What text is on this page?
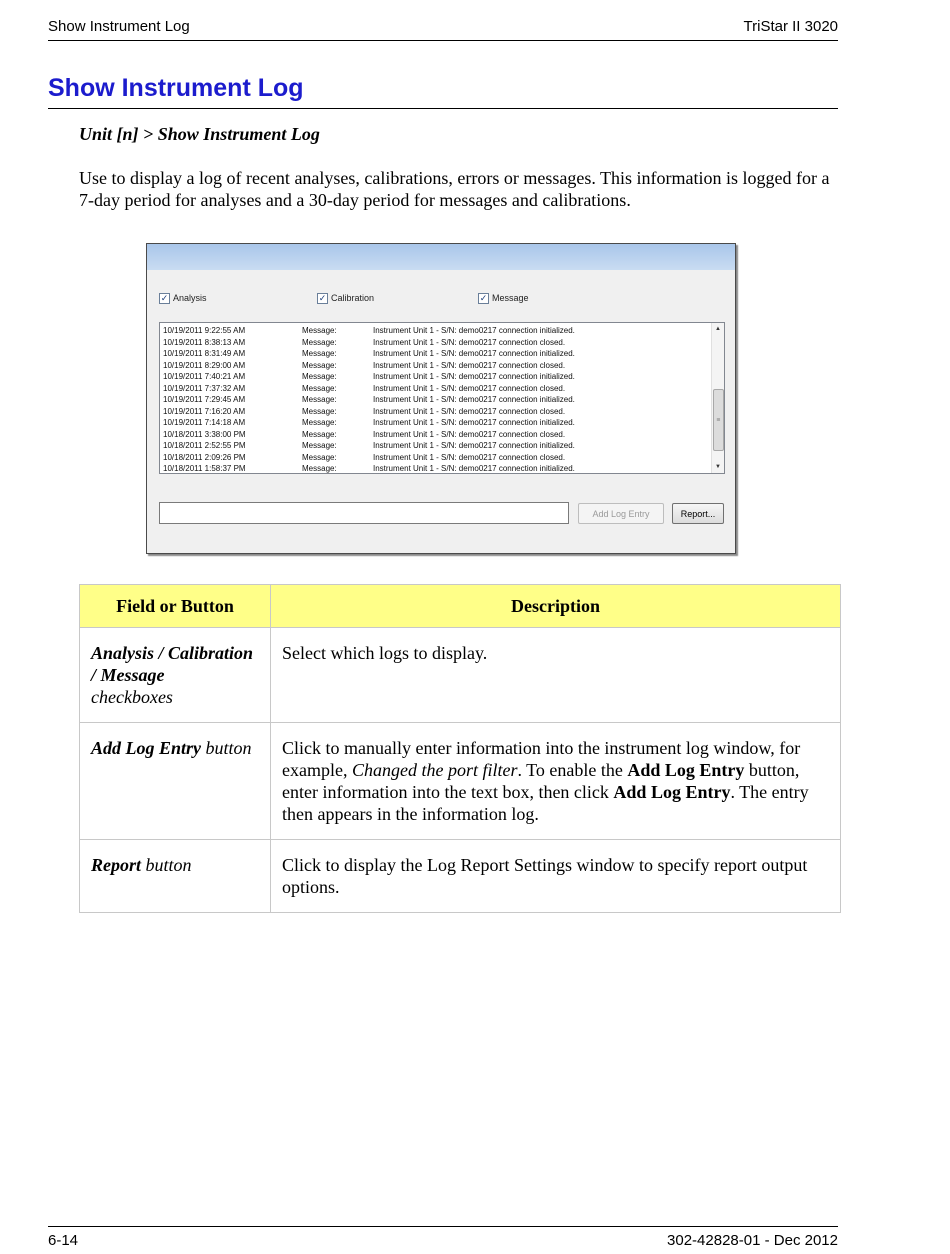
Show Instrument Log	TriStar II 3020
Show Instrument Log
Unit [n] > Show Instrument Log
Use to display a log of recent analyses, calibrations, errors or messages. This information is logged for a 7-day period for analyses and a 30-day period for messages and calibrations.
✓ Analysis	✓ Calibration	✓ Message
10/19/2011 9:22:55 AM	Message:	Instrument Unit 1 - S/N: demo0217 connection initialized.
10/19/2011 8:38:13 AM	Message:	Instrument Unit 1 - S/N: demo0217 connection closed.
10/19/2011 8:31:49 AM	Message:	Instrument Unit 1 - S/N: demo0217 connection initialized.
10/19/2011 8:29:00 AM	Message:	Instrument Unit 1 - S/N: demo0217 connection closed.
10/19/2011 7:40:21 AM	Message:	Instrument Unit 1 - S/N: demo0217 connection initialized.
10/19/2011 7:37:32 AM	Message:	Instrument Unit 1 - S/N: demo0217 connection closed.
10/19/2011 7:29:45 AM	Message:	Instrument Unit 1 - S/N: demo0217 connection initialized.
10/19/2011 7:16:20 AM	Message:	Instrument Unit 1 - S/N: demo0217 connection closed.
10/19/2011 7:14:18 AM	Message:	Instrument Unit 1 - S/N: demo0217 connection initialized.
10/18/2011 3:38:00 PM	Message:	Instrument Unit 1 - S/N: demo0217 connection closed.
10/18/2011 2:52:55 PM	Message:	Instrument Unit 1 - S/N: demo0217 connection initialized.
10/18/2011 2:09:26 PM	Message:	Instrument Unit 1 - S/N: demo0217 connection closed.
10/18/2011 1:58:37 PM	Message:	Instrument Unit 1 - S/N: demo0217 connection initialized.
▲
≡
▼
Add Log Entry	Report...
Field or Button	Description
Analysis / Calibration / Message
checkboxes	Select which logs to display.
Add Log Entry button	Click to manually enter information into the instrument log window, for example, Changed the port filter. To enable the Add Log Entry button, enter information into the text box, then click Add Log Entry. The entry then appears in the information log.
Report button	Click to display the Log Report Settings window to specify report output options.
6-14	302-42828-01 - Dec 2012
